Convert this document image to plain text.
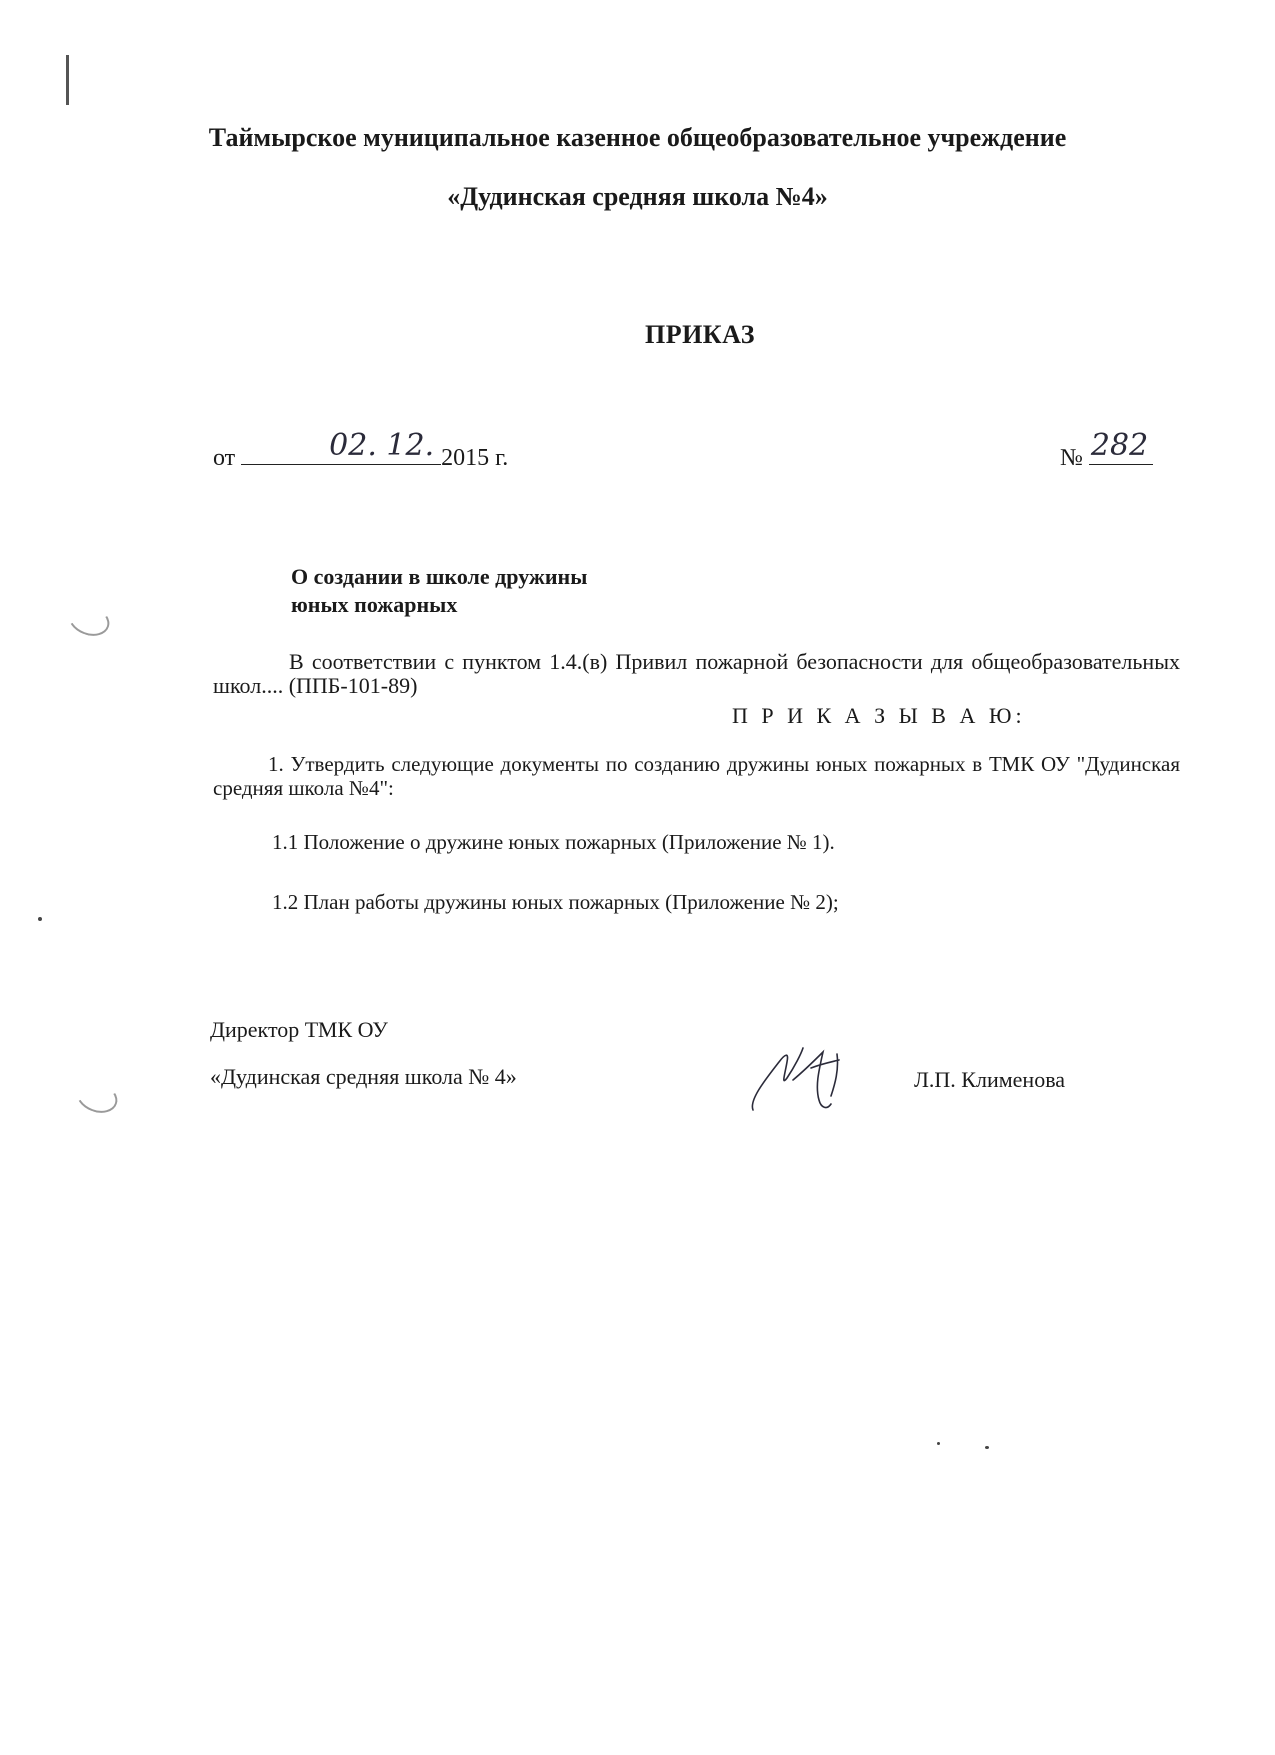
Таймырское муниципальное казенное общеобразовательное учреждение
«Дудинская средняя школа №4»
ПРИКАЗ
от	02. 12. 2015 г.	№ 282
О создании в школе дружины
юных пожарных
В соответствии с пунктом 1.4.(в) Привил пожарной безопасности для общеобразовательных школ.... (ППБ-101-89)
П Р И К А З Ы В А Ю:
1. Утвердить следующие документы по созданию дружины юных пожарных в ТМК ОУ "Дудинская средняя школа №4":
1.1 Положение о дружине юных пожарных (Приложение № 1).
1.2 План работы дружины юных пожарных (Приложение № 2);
Директор ТМК ОУ
«Дудинская средняя школа № 4»	Л.П. Клименова
